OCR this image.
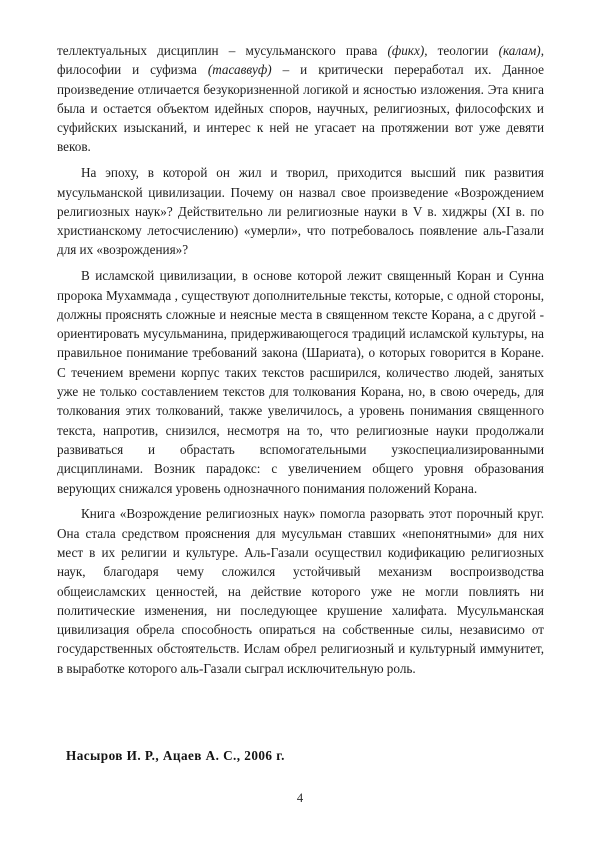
теллектуальных дисциплин – мусульманского права (фикх), теологии (калам), философии и суфизма (тасаввуф) – и критически переработал их. Данное произведение отличается безукоризненной логикой и ясностью изложения. Эта книга была и остается объектом идейных споров, научных, религиозных, философских и суфийских изысканий, и интерес к ней не угасает на протяжении вот уже девяти веков.

На эпоху, в которой он жил и творил, приходится высший пик развития мусульманской цивилизации. Почему он назвал свое произведение «Возрождением религиозных наук»? Действительно ли религиозные науки в V в. хиджры (XI в. по христианскому летосчислению) «умерли», что потребовалось появление аль-Газали для их «возрождения»?

В исламской цивилизации, в основе которой лежит священный Коран и Сунна пророка Мухаммада , существуют дополнительные тексты, которые, с одной стороны, должны прояснять сложные и неясные места в священном тексте Корана, а с другой - ориентировать мусульманина, придерживающегося традиций исламской культуры, на правильное понимание требований закона (Шариата), о которых говорится в Коране. С течением времени корпус таких текстов расширился, количество людей, занятых уже не только составлением текстов для толкования Корана, но, в свою очередь, для толкования этих толкований, также увеличилось, а уровень понимания священного текста, напротив, снизился, несмотря на то, что религиозные науки продолжали развиваться и обрастать вспомогательными узкоспециализированными дисциплинами. Возник парадокс: с увеличением общего уровня образования верующих снижался уровень однозначного понимания положений Корана.

Книга «Возрождение религиозных наук» помогла разорвать этот порочный круг. Она стала средством прояснения для мусульман ставших «непонятными» для них мест в их религии и культуре. Аль-Газали осуществил кодификацию религиозных наук, благодаря чему сложился устойчивый механизм воспроизводства общеисламских ценностей, на действие которого уже не могли повлиять ни политические изменения, ни последующее крушение халифата. Мусульманская цивилизация обрела способность опираться на собственные силы, независимо от государственных обстоятельств. Ислам обрел религиозный и культурный иммунитет, в выработке которого аль-Газали сыграл исключительную роль.

Насыров И. Р., Ацаев А. С., 2006 г.
4
